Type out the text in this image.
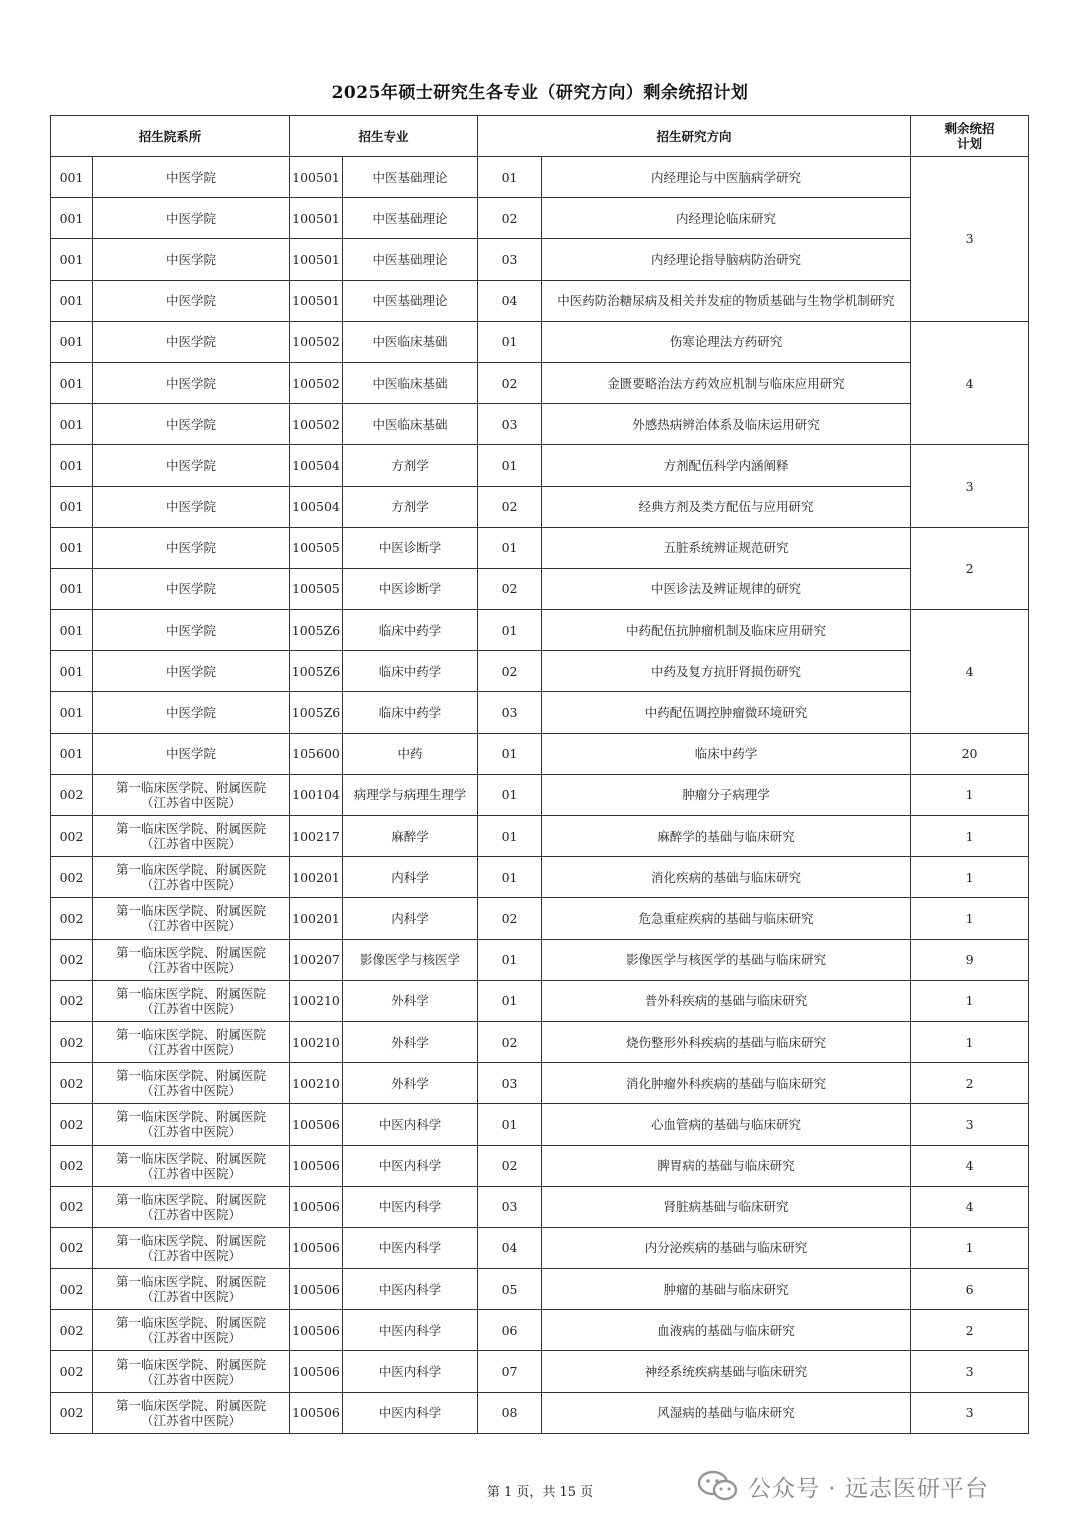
2025年硕士研究生各专业（研究方向）剩余统招计划
招生院系所		招生专业		招生研究方向		剩余统招
计划
001	中医学院	100501	中医基础理论	01	内经理论与中医脑病学研究	3
001	中医学院	100501	中医基础理论	02	内经理论临床研究	
001	中医学院	100501	中医基础理论	03	内经理论指导脑病防治研究	
001	中医学院	100501	中医基础理论	04	中医药防治糖尿病及相关并发症的物质基础与生物学机制研究	
001	中医学院	100502	中医临床基础	01	伤寒论理法方药研究	4
001	中医学院	100502	中医临床基础	02	金匮要略治法方药效应机制与临床应用研究	
001	中医学院	100502	中医临床基础	03	外感热病辨治体系及临床运用研究	
001	中医学院	100504	方剂学	01	方剂配伍科学内涵阐释	3
001	中医学院	100504	方剂学	02	经典方剂及类方配伍与应用研究	
001	中医学院	100505	中医诊断学	01	五脏系统辨证规范研究	2
001	中医学院	100505	中医诊断学	02	中医诊法及辨证规律的研究	
001	中医学院	1005Z6	临床中药学	01	中药配伍抗肿瘤机制及临床应用研究	4
001	中医学院	1005Z6	临床中药学	02	中药及复方抗肝肾损伤研究	
001	中医学院	1005Z6	临床中药学	03	中药配伍调控肿瘤微环境研究	
001	中医学院	105600	中药	01	临床中药学	20
002	第一临床医学院、附属医院
（江苏省中医院）	100104	病理学与病理生理学	01	肿瘤分子病理学	1
002	第一临床医学院、附属医院
（江苏省中医院）	100217	麻醉学	01	麻醉学的基础与临床研究	1
002	第一临床医学院、附属医院
（江苏省中医院）	100201	内科学	01	消化疾病的基础与临床研究	1
002	第一临床医学院、附属医院
（江苏省中医院）	100201	内科学	02	危急重症疾病的基础与临床研究	1
002	第一临床医学院、附属医院
（江苏省中医院）	100207	影像医学与核医学	01	影像医学与核医学的基础与临床研究	9
002	第一临床医学院、附属医院
（江苏省中医院）	100210	外科学	01	普外科疾病的基础与临床研究	1
002	第一临床医学院、附属医院
（江苏省中医院）	100210	外科学	02	烧伤整形外科疾病的基础与临床研究	1
002	第一临床医学院、附属医院
（江苏省中医院）	100210	外科学	03	消化肿瘤外科疾病的基础与临床研究	2
002	第一临床医学院、附属医院
（江苏省中医院）	100506	中医内科学	01	心血管病的基础与临床研究	3
002	第一临床医学院、附属医院
（江苏省中医院）	100506	中医内科学	02	脾胃病的基础与临床研究	4
002	第一临床医学院、附属医院
（江苏省中医院）	100506	中医内科学	03	肾脏病基础与临床研究	4
002	第一临床医学院、附属医院
（江苏省中医院）	100506	中医内科学	04	内分泌疾病的基础与临床研究	1
002	第一临床医学院、附属医院
（江苏省中医院）	100506	中医内科学	05	肿瘤的基础与临床研究	6
002	第一临床医学院、附属医院
（江苏省中医院）	100506	中医内科学	06	血液病的基础与临床研究	2
002	第一临床医学院、附属医院
（江苏省中医院）	100506	中医内科学	07	神经系统疾病基础与临床研究	3
002	第一临床医学院、附属医院
（江苏省中医院）	100506	中医内科学	08	风湿病的基础与临床研究	3
第 1 页，共 15 页	公众号 · 远志医研平台
